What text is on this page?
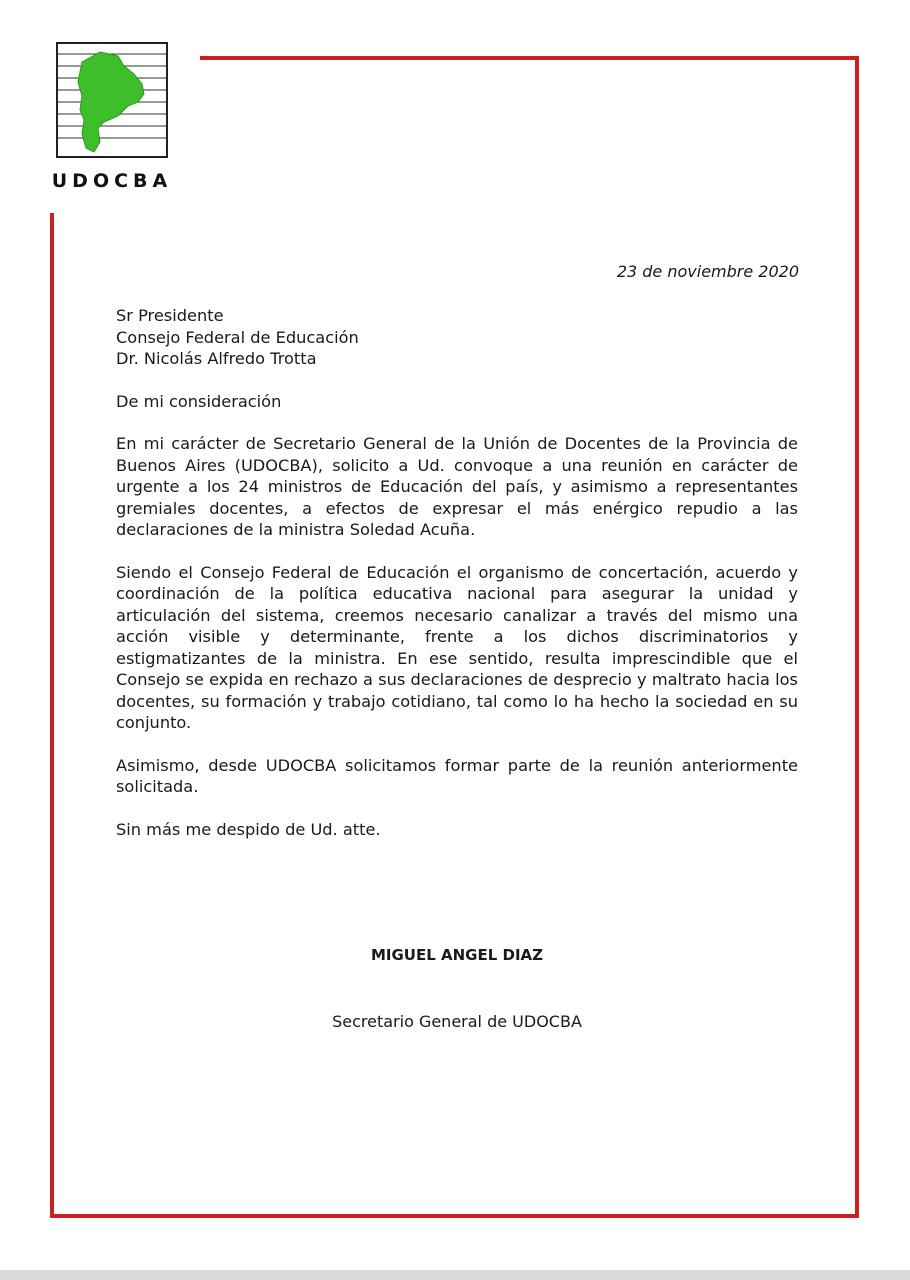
UDOCBA
23 de noviembre 2020
Sr Presidente
Consejo Federal de Educación
Dr. Nicolás Alfredo Trotta
De mi consideración
En mi carácter de Secretario General de la Unión de Docentes de la Provincia de Buenos Aires (UDOCBA), solicito a Ud. convoque a una reunión en carácter de urgente a los 24 ministros de Educación del país, y asimismo a representantes gremiales docentes, a efectos de expresar el más enérgico repudio a las declaraciones de la ministra Soledad Acuña.
Siendo el Consejo Federal de Educación el organismo de concertación, acuerdo y coordinación de la política educativa nacional para asegurar la unidad y articulación del sistema, creemos necesario canalizar a través del mismo una acción visible y determinante, frente a los dichos discriminatorios y estigmatizantes de la ministra. En ese sentido, resulta imprescindible que el Consejo se expida en rechazo a sus declaraciones de desprecio y maltrato hacia los docentes, su formación y trabajo cotidiano, tal como lo ha hecho la sociedad en su conjunto.
Asimismo, desde UDOCBA solicitamos formar parte de la reunión anteriormente solicitada.
Sin más me despido de Ud. atte.
MIGUEL ANGEL DIAZ
Secretario General de UDOCBA
